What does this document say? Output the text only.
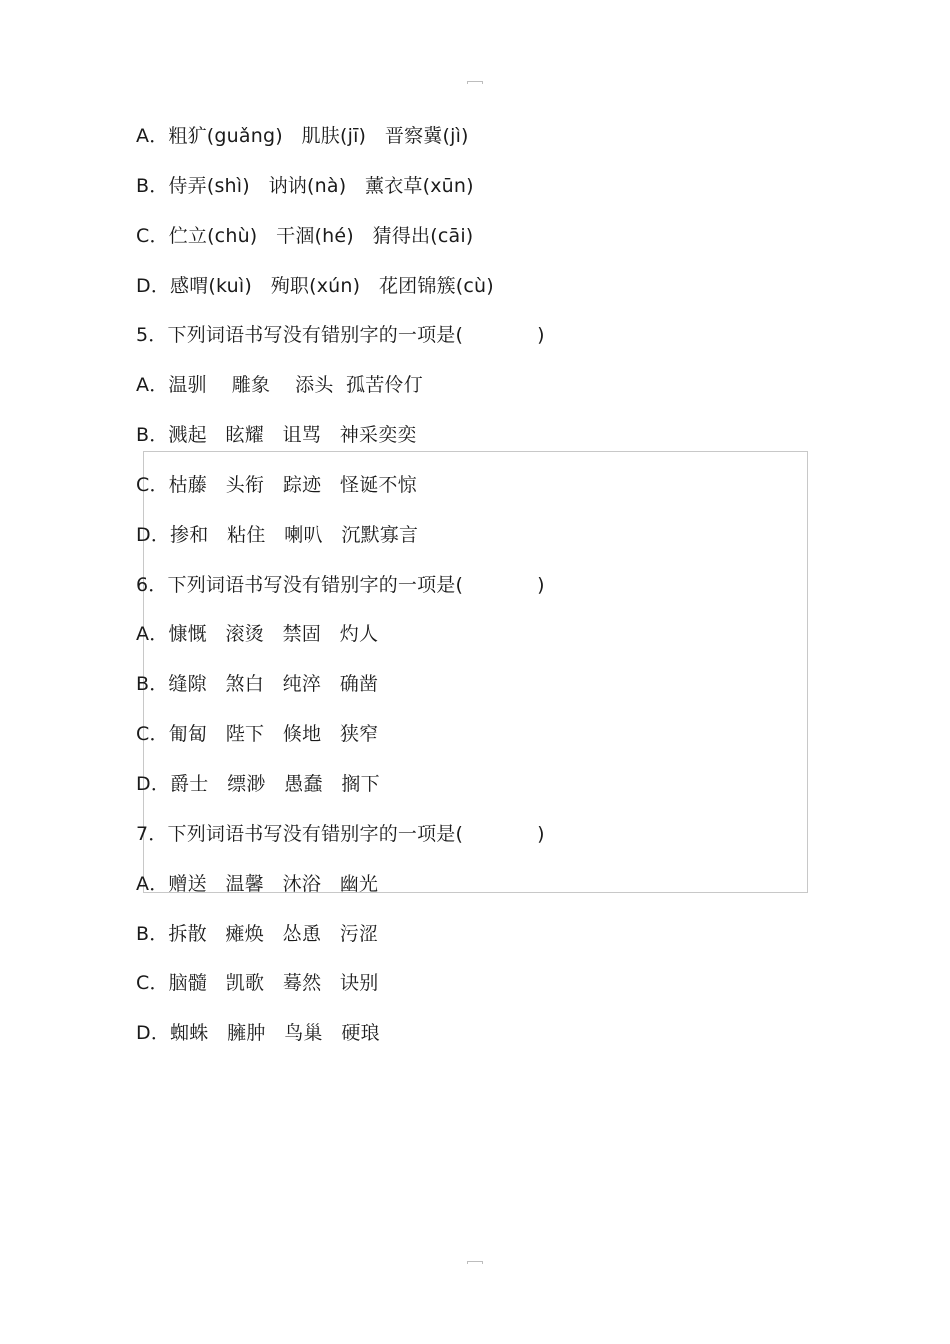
A．粗犷(guǎng)   肌肤(jī)   晋察冀(jì)
B．侍弄(shì)   讷讷(nà)   薰衣草(xūn)
C．伫立(chù)   干涸(hé)   猜得出(cāi)
D．感喟(kuì)   殉职(xún)   花团锦簇(cù)
5．下列词语书写没有错别字的一项是(	)
A．温驯    雕象    添头  孤苦伶仃
B．溅起   眩耀   诅骂   神采奕奕
C．枯藤   头衔   踪迹   怪诞不惊
D．掺和   粘住   喇叭   沉默寡言
6．下列词语书写没有错别字的一项是(	)
A．慷慨   滚烫   禁固   灼人
B．缝隙   煞白   纯淬   确凿
C．匍匐   陛下   倏地   狭窄
D．爵士   缥渺   愚蠢   搁下
7．下列词语书写没有错别字的一项是(	)
A．赠送   温馨   沐浴   幽光
B．拆散   瘫焕   怂恿   污涩
C．脑髓   凯歌   蓦然   诀别
D．蜘蛛   臃肿   鸟巢   硬琅
